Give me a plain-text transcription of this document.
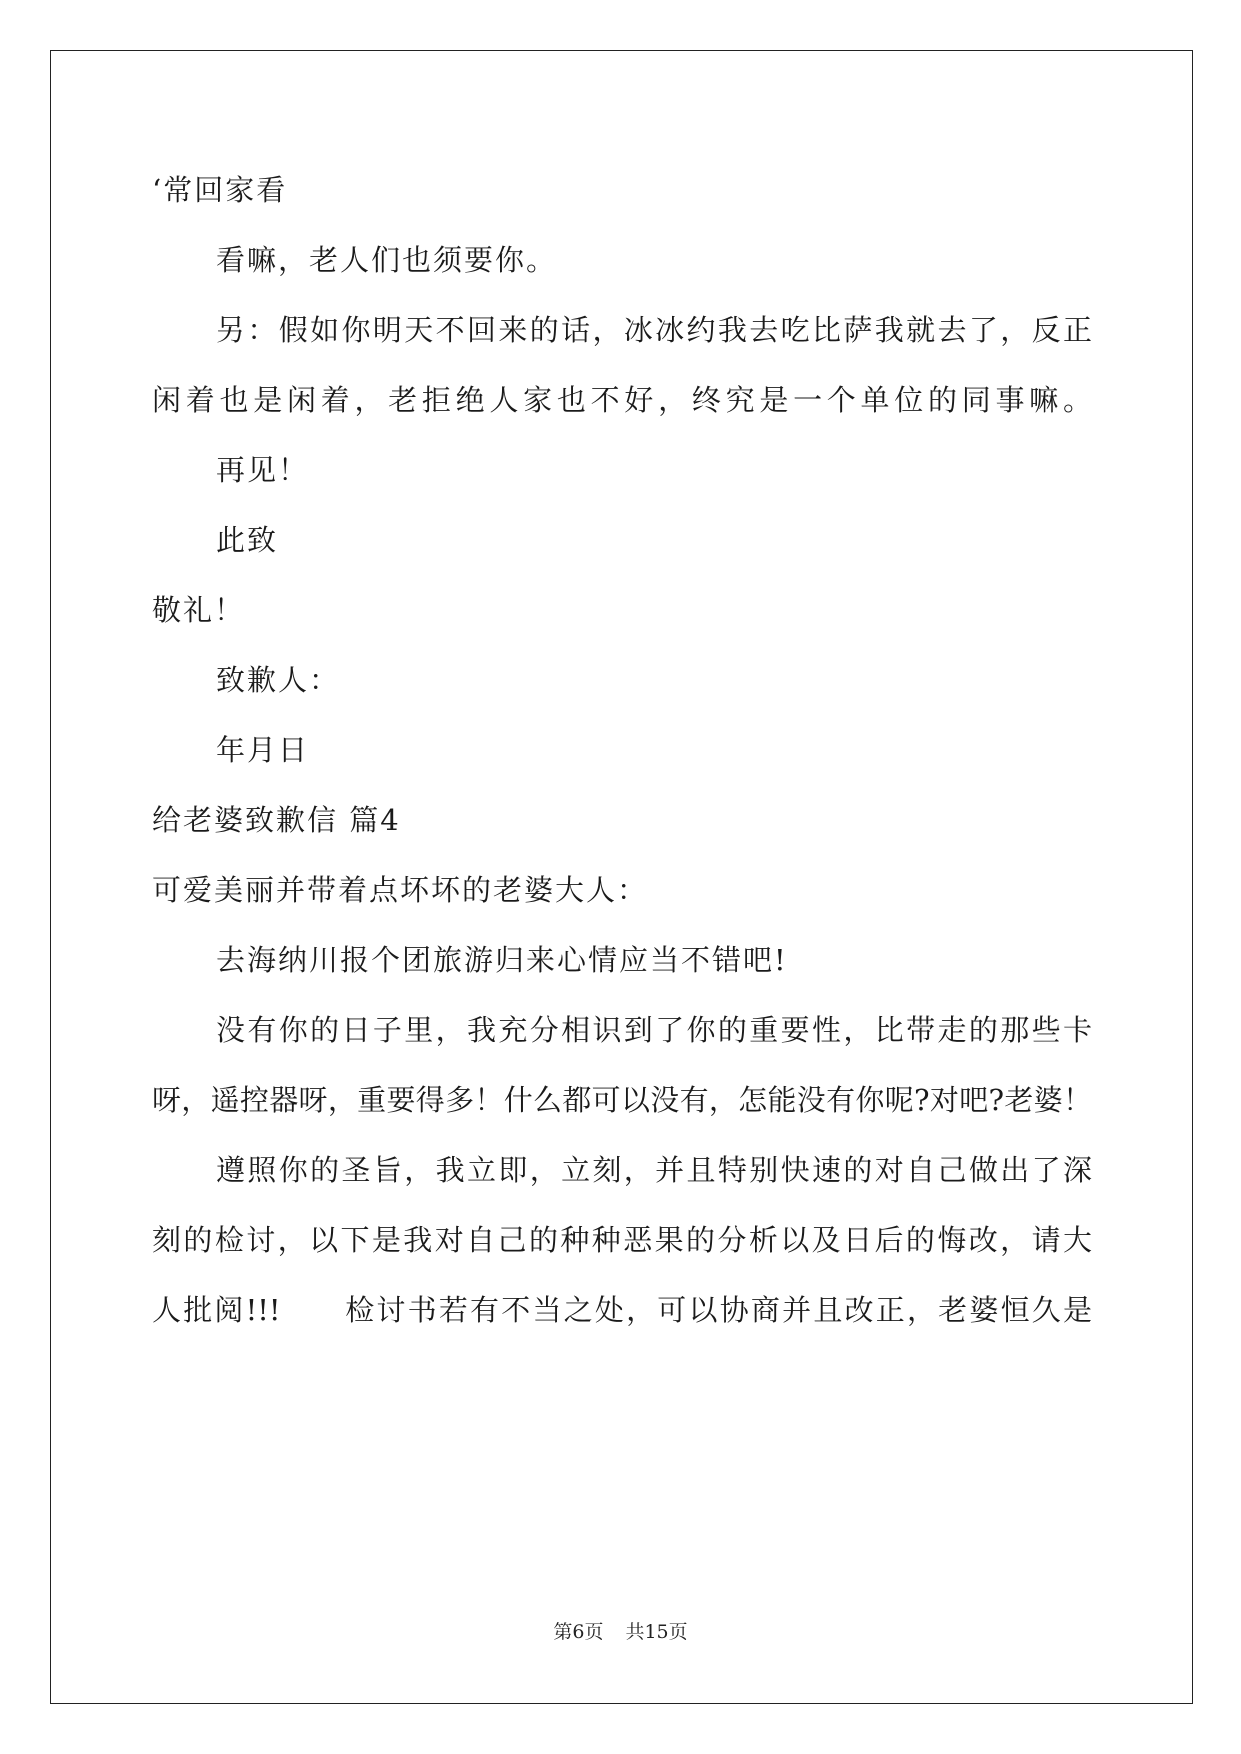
‘常回家看
看嘛，老人们也须要你。
另：假如你明天不回来的话，冰冰约我去吃比萨我就去了，反正
闲着也是闲着，老拒绝人家也不好，终究是一个单位的同事嘛。
再见！
此致
敬礼！
致歉人：
年月日
给老婆致歉信 篇4
可爱美丽并带着点坏坏的老婆大人：
去海纳川报个团旅游归来心情应当不错吧!
没有你的日子里，我充分相识到了你的重要性，比带走的那些卡
呀，遥控器呀，重要得多！什么都可以没有，怎能没有你呢?对吧?老婆！
遵照你的圣旨，我立即，立刻，并且特别快速的对自己做出了深
刻的检讨，以下是我对自己的种种恶果的分析以及日后的悔改，请大
人批阅!!!　　检讨书若有不当之处，可以协商并且改正，老婆恒久是
第6页 共15页
